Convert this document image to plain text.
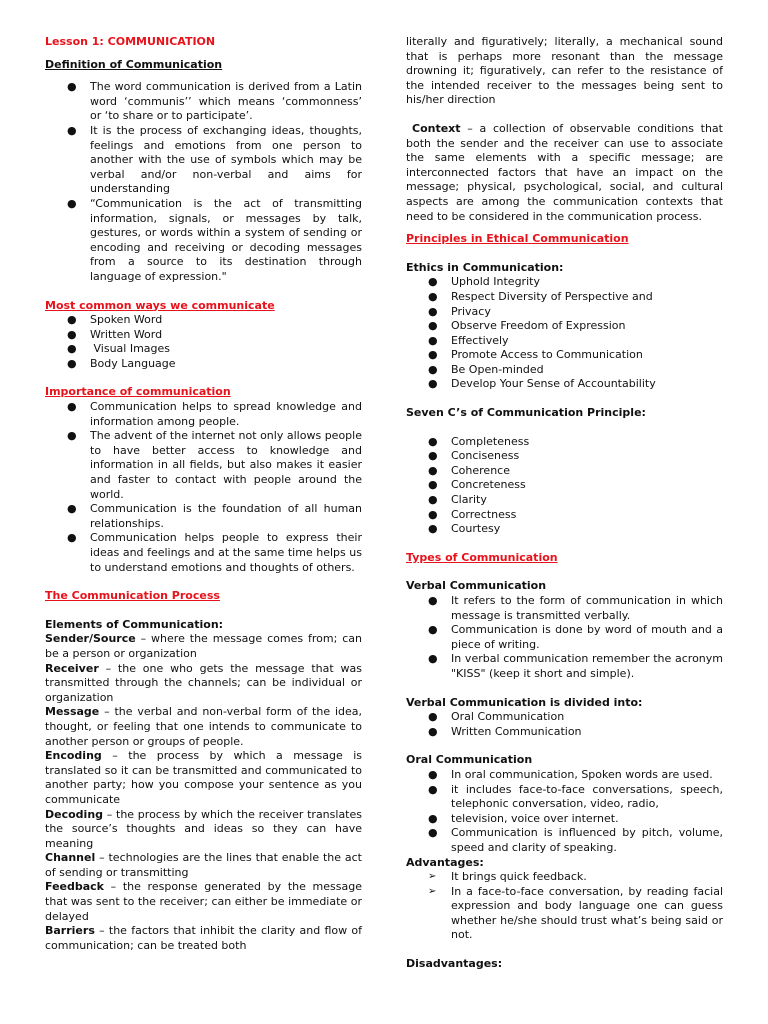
Lesson 1: COMMUNICATION

Definition of Communication

● The word communication is derived from a Latin word ‘communis’’ which means ‘commonness’ or ‘to share or to participate’.
● It is the process of exchanging ideas, thoughts, feelings and emotions from one person to another with the use of symbols which may be verbal and/or non-verbal and aims for understanding
● “Communication is the act of transmitting information, signals, or messages by talk, gestures, or words within a system of sending or encoding and receiving or decoding messages from a source to its destination through language of expression."

Most common ways we communicate

● Spoken Word
● Written Word
● Visual Images
● Body Language

Importance of communication

● Communication helps to spread knowledge and information among people.
● The advent of the internet not only allows people to have better access to knowledge and information in all fields, but also makes it easier and faster to contact with people around the world.
● Communication is the foundation of all human relationships.
● Communication helps people to express their ideas and feelings and at the same time helps us to understand emotions and thoughts of others.

The Communication Process

Elements of Communication:

Sender/Source – where the message comes from; can be a person or organization

Receiver – the one who gets the message that was transmitted through the channels; can be individual or organization

Message – the verbal and non-verbal form of the idea, thought, or feeling that one intends to communicate to another person or groups of people.

Encoding – the process by which a message is translated so it can be transmitted and communicated to another party; how you compose your sentence as you communicate

Decoding – the process by which the receiver translates the source’s thoughts and ideas so they can have meaning

Channel – technologies are the lines that enable the act of sending or transmitting

Feedback – the response generated by the message that was sent to the receiver; can either be immediate or delayed

Barriers – the factors that inhibit the clarity and flow of communication; can be treated both

literally and figuratively; literally, a mechanical sound that is perhaps more resonant than the message drowning it; figuratively, can refer to the resistance of the intended receiver to the messages being sent to his/her direction

Context – a collection of observable conditions that both the sender and the receiver can use to associate the same elements with a specific message; are interconnected factors that have an impact on the message; physical, psychological, social, and cultural aspects are among the communication contexts that need to be considered in the communication process.

Principles in Ethical Communication

Ethics in Communication:

● Uphold Integrity
● Respect Diversity of Perspective and
● Privacy
● Observe Freedom of Expression
● Effectively
● Promote Access to Communication
● Be Open-minded
● Develop Your Sense of Accountability

Seven C’s of Communication Principle:

● Completeness
● Conciseness
● Coherence
● Concreteness
● Clarity
● Correctness
● Courtesy

Types of Communication

Verbal Communication

● It refers to the form of communication in which message is transmitted verbally.
● Communication is done by word of mouth and a piece of writing.
● In verbal communication remember the acronym "KISS" (keep it short and simple).

Verbal Communication is divided into:

● Oral Communication
● Written Communication

Oral Communication

● In oral communication, Spoken words are used.
● it includes face-to-face conversations, speech, telephonic conversation, video, radio,
● television, voice over internet.
● Communication is influenced by pitch, volume, speed and clarity of speaking.

Advantages:

➢ It brings quick feedback.
➢ In a face-to-face conversation, by reading facial expression and body language one can guess whether he/she should trust what’s being said or not.

Disadvantages:
